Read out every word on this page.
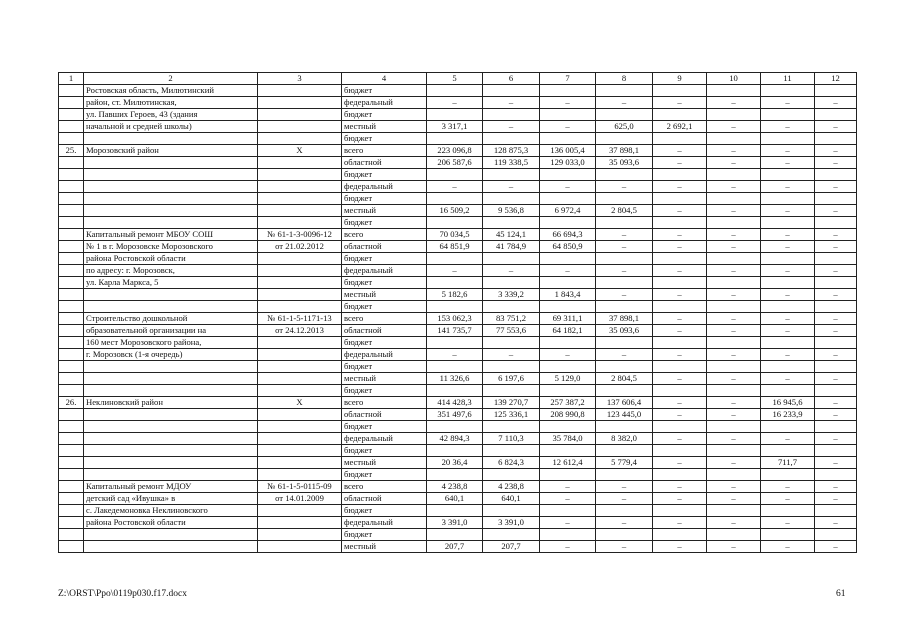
1	2	3	4	5	6	7	8	9	10	11	12
	Ростовская область, Милютинский		бюджет								
	район, ст. Милютинская,		федеральный	–	–	–	–	–	–	–	–
	ул. Павших Героев, 43 (здания		бюджет								
	начальной и средней школы)		местный	3 317,1	–	–	625,0	2 692,1	–	–	–
			бюджет								
25.	Морозовский район	Х	всего	223 096,8	128 875,3	136 005,4	37 898,1	–	–	–	–
			областной	206 587,6	119 338,5	129 033,0	35 093,6	–	–	–	–
			бюджет								
			федеральный	–	–	–	–	–	–	–	–
			бюджет								
			местный	16 509,2	9 536,8	6 972,4	2 804,5	–	–	–	–
			бюджет								
	Капитальный ремонт МБОУ СОШ	№ 61-1-3-0096-12	всего	70 034,5	45 124,1	66 694,3	–	–	–	–	–
	№ 1 в г. Морозовске Морозовского	от 21.02.2012	областной	64 851,9	41 784,9	64 850,9	–	–	–	–	–
	района Ростовской области		бюджет								
	по адресу: г. Морозовск,		федеральный	–	–	–	–	–	–	–	–
	ул. Карла Маркса, 5		бюджет								
			местный	5 182,6	3 339,2	1 843,4	–	–	–	–	–
			бюджет								
	Строительство дошкольной	№ 61-1-5-1171-13	всего	153 062,3	83 751,2	69 311,1	37 898,1	–	–	–	–
	образовательной организации на	от 24.12.2013	областной	141 735,7	77 553,6	64 182,1	35 093,6	–	–	–	–
	160 мест Морозовского района,		бюджет								
	г. Морозовск (1-я очередь)		федеральный	–	–	–	–	–	–	–	–
			бюджет								
			местный	11 326,6	6 197,6	5 129,0	2 804,5	–	–	–	–
			бюджет								
26.	Неклиновский район	Х	всего	414 428,3	139 270,7	257 387,2	137 606,4	–	–	16 945,6	–
			областной	351 497,6	125 336,1	208 990,8	123 445,0	–	–	16 233,9	–
			бюджет								
			федеральный	42 894,3	7 110,3	35 784,0	8 382,0	–	–	–	–
			бюджет								
			местный	20 36,4	6 824,3	12 612,4	5 779,4	–	–	711,7	–
			бюджет								
	Капитальный ремонт МДОУ	№ 61-1-5-0115-09	всего	4 238,8	4 238,8	–	–	–	–	–	–
	детский сад «Ивушка» в	от 14.01.2009	областной	640,1	640,1	–	–	–	–	–	–
	с. Лакедемоновка Неклиновского		бюджет								
	района Ростовской области		федеральный	3 391,0	3 391,0	–	–	–	–	–	–
			бюджет								
			местный	207,7	207,7	–	–	–	–	–	–
Z:\ORST\Ppo\0119p030.f17.docx	61
